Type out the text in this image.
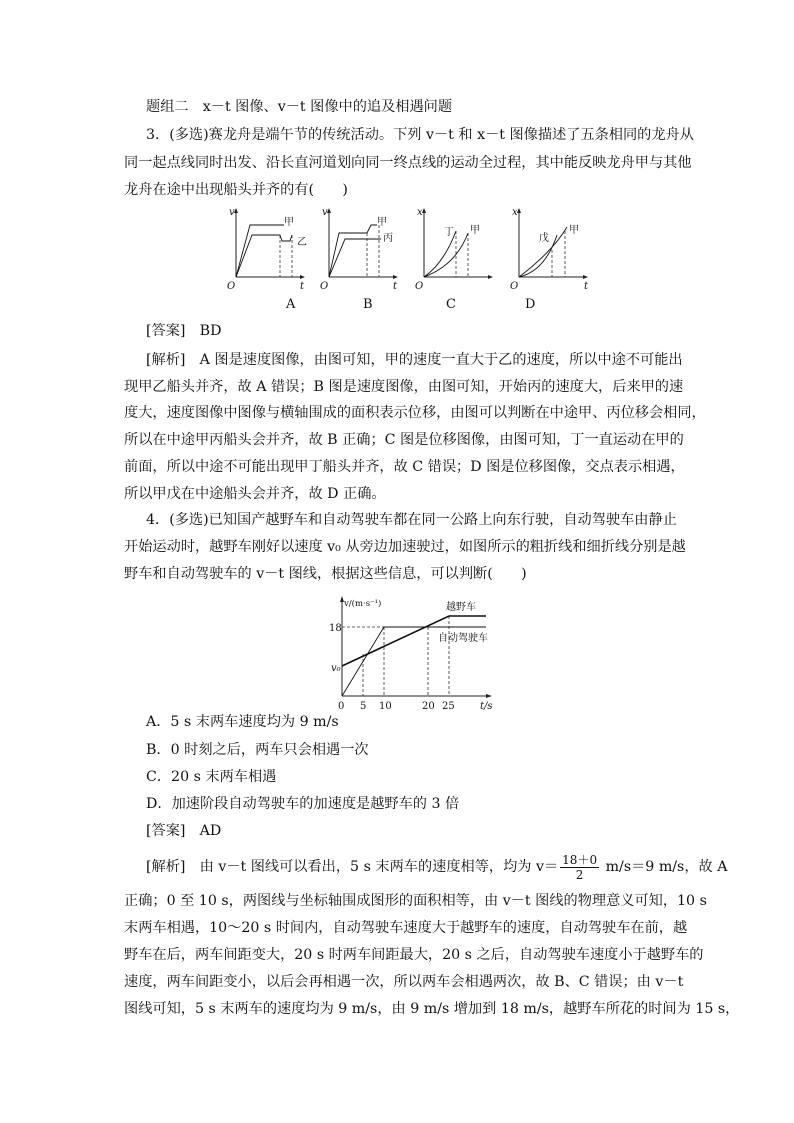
题组二　x－t 图像、v－t 图像中的追及相遇问题
3．(多选)赛龙舟是端午节的传统活动。下列 v－t 和 x－t 图像描述了五条相同的龙舟从
同一起点线同时出发、沿长直河道划向同一终点线的运动全过程，其中能反映龙舟甲与其他
龙舟在途中出现船头并齐的有(　　)
v
t
O
甲
乙
A
v
t
O
甲
丙
B
x
O
丁 甲
C
x
t
O
戊
甲
D
[答案]　 BD
[解析]　A 图是速度图像，由图可知，甲的速度一直大于乙的速度，所以中途不可能出
现甲乙船头并齐，故 A 错误；B 图是速度图像，由图可知，开始丙的速度大，后来甲的速
度大，速度图像中图像与横轴围成的面积表示位移，由图可以判断在中途甲、丙位移会相同，
所以在中途甲丙船头会并齐，故 B 正确；C 图是位移图像，由图可知，丁一直运动在甲的
前面，所以中途不可能出现甲丁船头并齐，故 C 错误；D 图是位移图像，交点表示相遇，
所以甲戊在中途船头会并齐，故 D 正确。
4．(多选)已知国产越野车和自动驾驶车都在同一公路上向东行驶，自动驾驶车由静止
开始运动时，越野车刚好以速度 v₀ 从旁边加速驶过，如图所示的粗折线和细折线分别是越
野车和自动驾驶车的 v－t 图线，根据这些信息，可以判断(　　)
v/(m·s⁻¹)
t/s
18
v₀
0 5 10	20 25
越野车
自动驾驶车
A．5 s 末两车速度均为 9 m/s
B．0 时刻之后，两车只会相遇一次
C．20 s 末两车相遇
D．加速阶段自动驾驶车的加速度是越野车的 3 倍
[答案]　 AD
[解析]　由 v－t 图线可以看出，5 s 末两车的速度相等，均为 $v= \frac{18+0}{2} m/s=9$ m/s，故 A
正确；0 至 10 s，两图线与坐标轴围成图形的面积相等，由 v－t 图线的物理意义可知，10 s
末两车相遇，10～20 s 时间内，自动驾驶车速度大于越野车的速度，自动驾驶车在前，越
野车在后，两车间距变大，20 s 时两车间距最大，20 s 之后，自动驾驶车速度小于越野车的
速度，两车间距变小，以后会再相遇一次，所以两车会相遇两次，故 B、C 错误；由 v－t
图线可知，5 s 末两车的速度均为 9 m/s，由 9 m/s 增加到 18 m/s，越野车所花的时间为 15 s，
